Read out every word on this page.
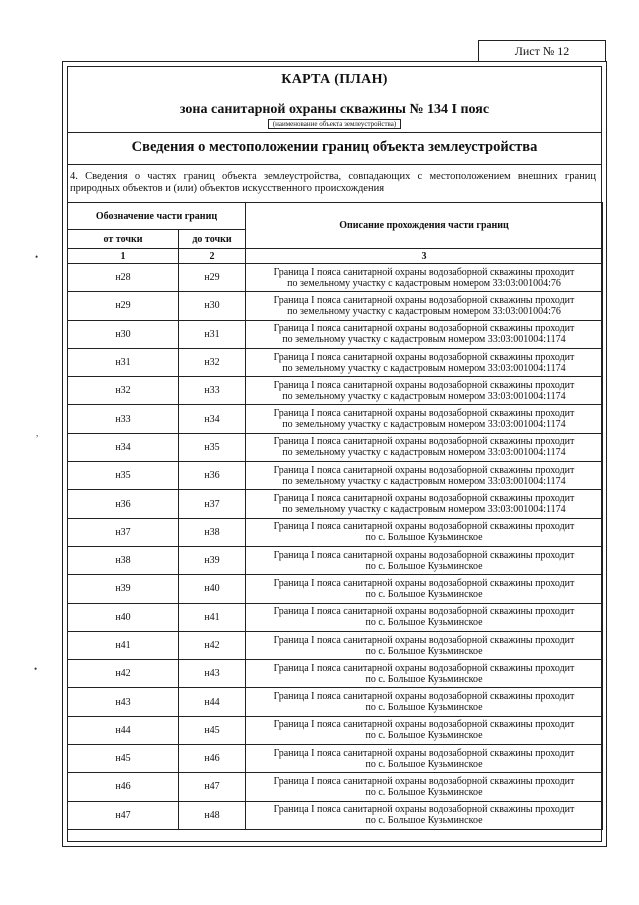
Лист № 12
КАРТА (ПЛАН)
зона санитарной охраны скважины № 134 I пояс
(наименование объекта землеустройства)
Сведения о местоположении границ объекта землеустройства
4. Сведения о частях границ объекта землеустройства, совпадающих с местоположением внешних границ природных объектов и (или) объектов искусственного происхождения
Обозначение части границ		Описание прохождения части границ
от точки	до точки	
1	2	3
н28	н29	Граница I пояса санитарной охраны водозаборной скважины проходит
по земельному участку с кадастровым номером 33:03:001004:76

н29	н30	Граница I пояса санитарной охраны водозаборной скважины проходит
по земельному участку с кадастровым номером 33:03:001004:76

н30	н31	Граница I пояса санитарной охраны водозаборной скважины проходит
по земельному участку с кадастровым номером 33:03:001004:1174

н31	н32	Граница I пояса санитарной охраны водозаборной скважины проходит
по земельному участку с кадастровым номером 33:03:001004:1174

н32	н33	Граница I пояса санитарной охраны водозаборной скважины проходит
по земельному участку с кадастровым номером 33:03:001004:1174

н33	н34	Граница I пояса санитарной охраны водозаборной скважины проходит
по земельному участку с кадастровым номером 33:03:001004:1174

н34	н35	Граница I пояса санитарной охраны водозаборной скважины проходит
по земельному участку с кадастровым номером 33:03:001004:1174

н35	н36	Граница I пояса санитарной охраны водозаборной скважины проходит
по земельному участку с кадастровым номером 33:03:001004:1174

н36	н37	Граница I пояса санитарной охраны водозаборной скважины проходит
по земельному участку с кадастровым номером 33:03:001004:1174

н37	н38	Граница I пояса санитарной охраны водозаборной скважины проходит
по с. Большое Кузьминское

н38	н39	Граница I пояса санитарной охраны водозаборной скважины проходит
по с. Большое Кузьминское

н39	н40	Граница I пояса санитарной охраны водозаборной скважины проходит
по с. Большое Кузьминское

н40	н41	Граница I пояса санитарной охраны водозаборной скважины проходит
по с. Большое Кузьминское

н41	н42	Граница I пояса санитарной охраны водозаборной скважины проходит
по с. Большое Кузьминское

н42	н43	Граница I пояса санитарной охраны водозаборной скважины проходит
по с. Большое Кузьминское

н43	н44	Граница I пояса санитарной охраны водозаборной скважины проходит
по с. Большое Кузьминское

н44	н45	Граница I пояса санитарной охраны водозаборной скважины проходит
по с. Большое Кузьминское

н45	н46	Граница I пояса санитарной охраны водозаборной скважины проходит
по с. Большое Кузьминское

н46	н47	Граница I пояса санитарной охраны водозаборной скважины проходит
по с. Большое Кузьминское

н47	н48	Граница I пояса санитарной охраны водозаборной скважины проходит
по с. Большое Кузьминское
•
,
•
